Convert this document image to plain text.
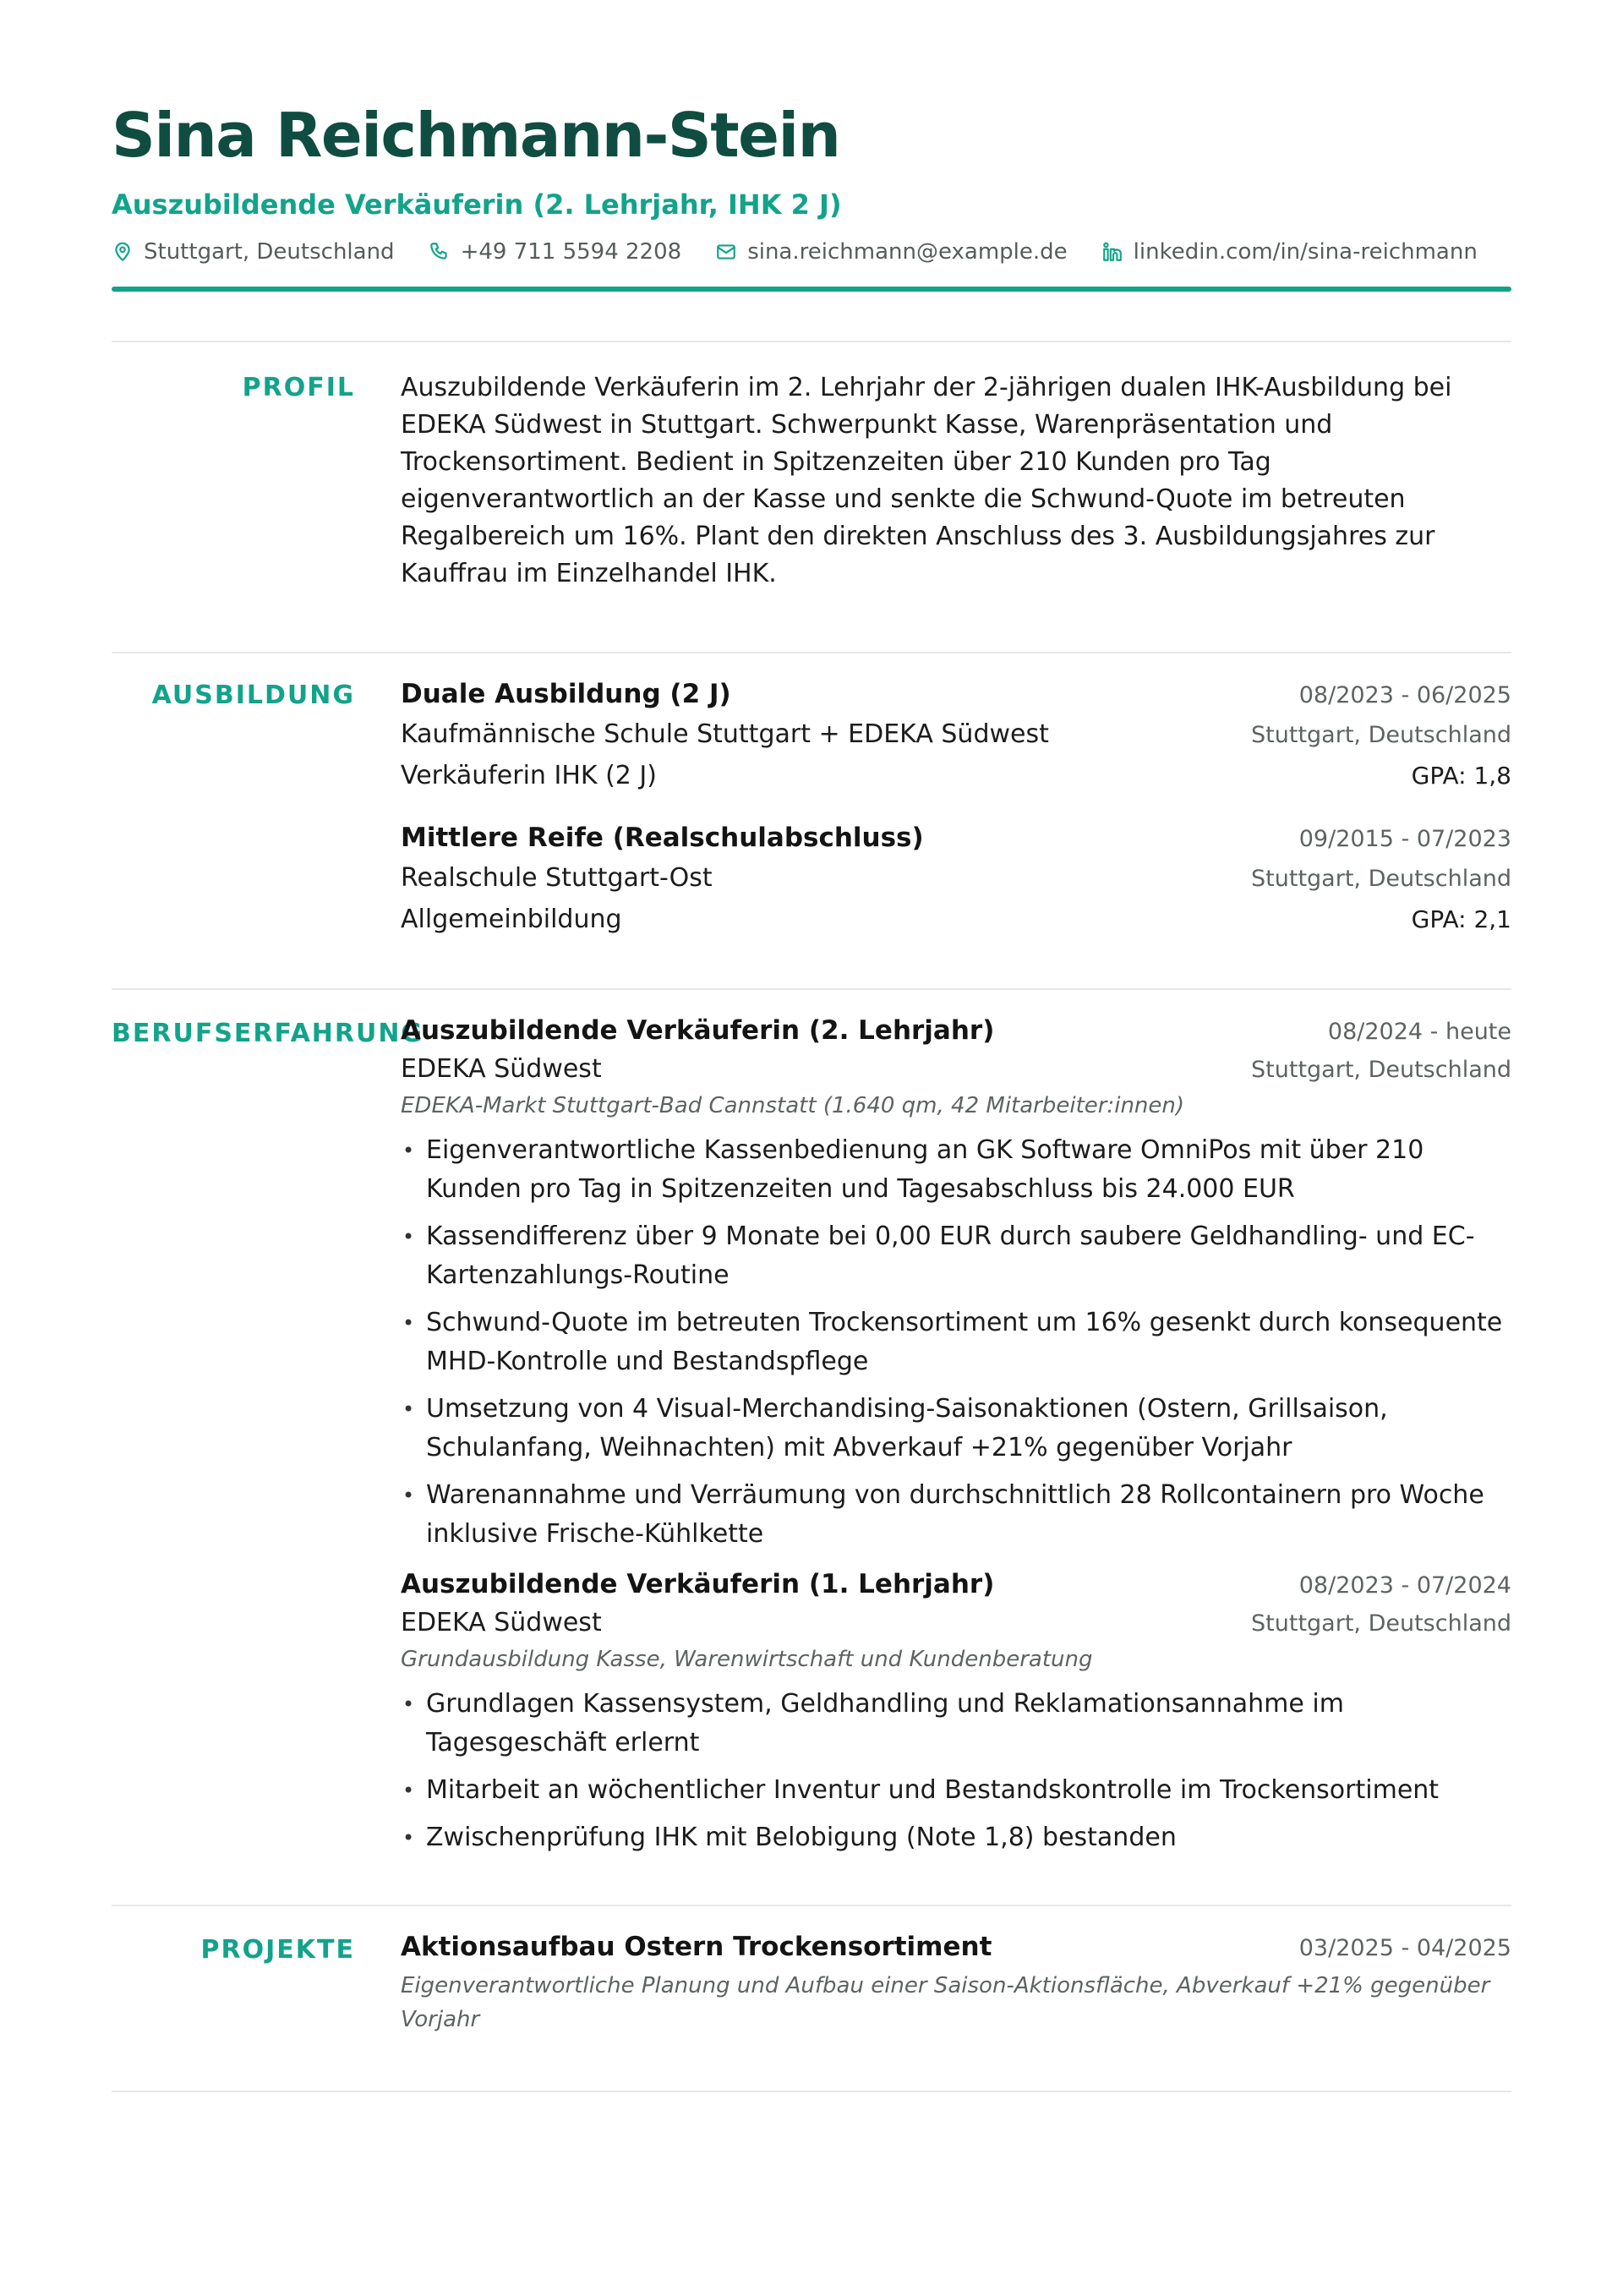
Sina Reichmann-Stein
Auszubildende Verkäuferin (2. Lehrjahr, IHK 2 J)
Stuttgart, Deutschland	+49 711 5594 2208	sina.reichmann@example.de	linkedin.com/in/sina-reichmann
PROFIL Auszubildende Verkäuferin im 2. Lehrjahr der 2-jährigen dualen IHK-Ausbildung bei EDEKA Südwest in Stuttgart. Schwerpunkt Kasse, Warenpräsentation und Trockensortiment. Bedient in Spitzenzeiten über 210 Kunden pro Tag eigenverantwortlich an der Kasse und senkte die Schwund-Quote im betreuten Regalbereich um 16%. Plant den direkten Anschluss des 3. Ausbildungsjahres zur Kauffrau im Einzelhandel IHK.

AUSBILDUNG Duale Ausbildung (2 J)	08/2023 - 06/2025
Kaufmännische Schule Stuttgart + EDEKA Südwest	Stuttgart, Deutschland
Verkäuferin IHK (2 J)	GPA: 1,8
Mittlere Reife (Realschulabschluss)	09/2015 - 07/2023
Realschule Stuttgart-Ost	Stuttgart, Deutschland
Allgemeinbildung	GPA: 2,1
BERUFSERFAHRUNG
Auszubildende Verkäuferin (2. Lehrjahr)	08/2024 - heute
EDEKA Südwest	Stuttgart, Deutschland
EDEKA-Markt Stuttgart-Bad Cannstatt (1.640 qm, 42 Mitarbeiter:innen)
• Eigenverantwortliche Kassenbedienung an GK Software OmniPos mit über 210 Kunden pro Tag in Spitzenzeiten und Tagesabschluss bis 24.000 EUR
• Kassendifferenz über 9 Monate bei 0,00 EUR durch saubere Geldhandling- und EC-Kartenzahlungs-Routine
• Schwund-Quote im betreuten Trockensortiment um 16% gesenkt durch konsequente MHD-Kontrolle und Bestandspflege
• Umsetzung von 4 Visual-Merchandising-Saisonaktionen (Ostern, Grillsaison, Schulanfang, Weihnachten) mit Abverkauf +21% gegenüber Vorjahr
• Warenannahme und Verräumung von durchschnittlich 28 Rollcontainern pro Woche inklusive Frische-Kühlkette
Auszubildende Verkäuferin (1. Lehrjahr)	08/2023 - 07/2024
EDEKA Südwest	Stuttgart, Deutschland
Grundausbildung Kasse, Warenwirtschaft und Kundenberatung
• Grundlagen Kassensystem, Geldhandling und Reklamationsannahme im Tagesgeschäft erlernt
• Mitarbeit an wöchentlicher Inventur und Bestandskontrolle im Trockensortiment
• Zwischenprüfung IHK mit Belobigung (Note 1,8) bestanden
PROJEKTE Aktionsaufbau Ostern Trockensortiment	03/2025 - 04/2025
Eigenverantwortliche Planung und Aufbau einer Saison-Aktionsfläche, Abverkauf +21% gegenüber Vorjahr
